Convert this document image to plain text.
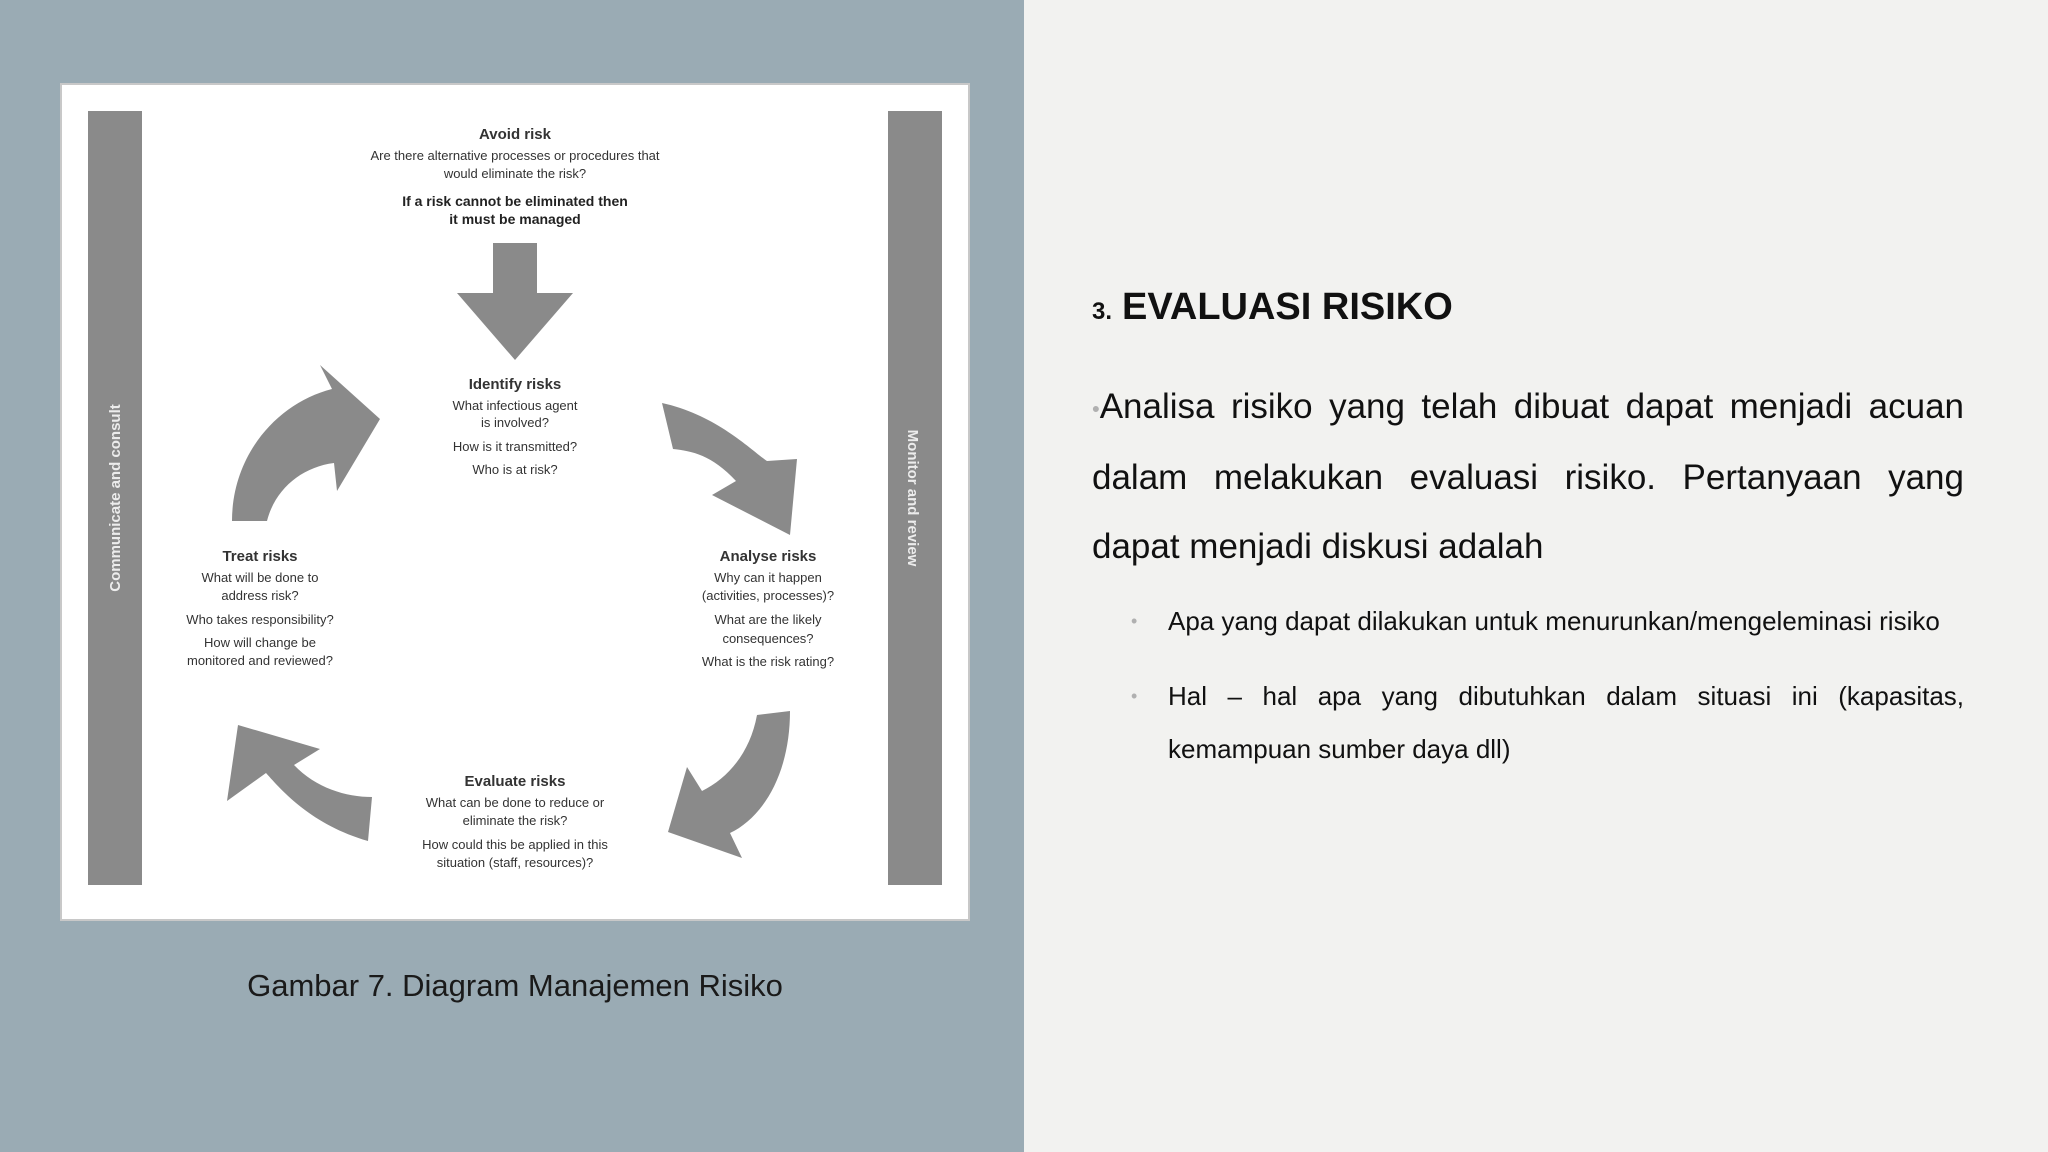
Communicate and consult	Monitor and review
Avoid risk
Are there alternative processes or procedures that
would eliminate the risk?
If a risk cannot be eliminated then
it must be managed
Identify risks
What infectious agent
is involved?
How is it transmitted?
Who is at risk?
Treat risks
What will be done to
address risk?
Who takes responsibility?
How will change be
monitored and reviewed?
Analyse risks
Why can it happen
(activities, processes)?
What are the likely
consequences?
What is the risk rating?
Evaluate risks
What can be done to reduce or
eliminate the risk?
How could this be applied in this
situation (staff, resources)?
Gambar 7. Diagram Manajemen Risiko
3. EVALUASI RISIKO
•Analisa risiko yang telah dibuat dapat menjadi acuan dalam melakukan evaluasi risiko. Pertanyaan yang dapat menjadi diskusi adalah
• Apa yang dapat dilakukan untuk menurunkan/mengeleminasi risiko
• Hal – hal apa yang dibutuhkan dalam situasi ini (kapasitas, kemampuan sumber daya dll)
